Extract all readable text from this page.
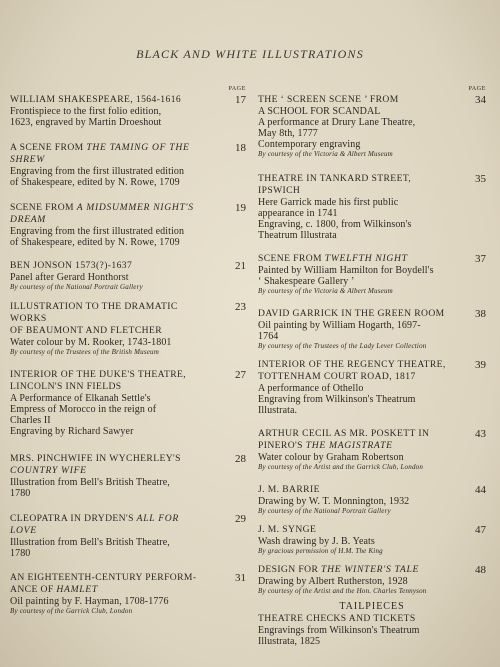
BLACK AND WHITE ILLUSTRATIONS
PAGE
17
WILLIAM SHAKESPEARE, 1564-1616
Frontispiece to the first folio edition,
1623, engraved by Martin Droeshout
18
A SCENE FROM THE TAMING OF THE
SHREW
Engraving from the first illustrated edition
of Shakespeare, edited by N. Rowe, 1709
19
SCENE FROM A MIDSUMMER NIGHT'S
DREAM
Engraving from the first illustrated edition
of Shakespeare, edited by N. Rowe, 1709
21
BEN JONSON 1573(?)-1637
Panel after Gerard Honthorst
By courtesy of the National Portrait Gallery
23
ILLUSTRATION TO THE DRAMATIC WORKS
OF BEAUMONT AND FLETCHER
Water colour by M. Rooker, 1743-1801
By courtesy of the Trustees of the British Museum
27
INTERIOR OF THE DUKE'S THEATRE,
LINCOLN'S INN FIELDS
A Performance of Elkanah Settle's
Empress of Morocco in the reign of
Charles II
Engraving by Richard Sawyer
28
MRS. PINCHWIFE IN WYCHERLEY'S
COUNTRY WIFE
Illustration from Bell's British Theatre,
1780
29
CLEOPATRA IN DRYDEN'S ALL FOR
LOVE
Illustration from Bell's British Theatre,
1780
31
AN EIGHTEENTH-CENTURY PERFORM-
ANCE OF HAMLET
Oil painting by F. Hayman, 1708-1776
By courtesy of the Garrick Club, London
PAGE
34
THE ‘ SCREEN SCENE ’ FROM
A SCHOOL FOR SCANDAL
A performance at Drury Lane Theatre,
May 8th, 1777
Contemporary engraving
By courtesy of the Victoria & Albert Museum
35
THEATRE IN TANKARD STREET, IPSWICH
Here Garrick made his first public
appearance in 1741
Engraving, c. 1800, from Wilkinson's
Theatrum Illustrata
37
SCENE FROM TWELFTH NIGHT
Painted by William Hamilton for Boydell's
‘ Shakespeare Gallery ’
By courtesy of the Victoria & Albert Museum
38
DAVID GARRICK IN THE GREEN ROOM
Oil painting by William Hogarth, 1697-
1764
By courtesy of the Trustees of the Lady Lever Collection
39
INTERIOR OF THE REGENCY THEATRE,
TOTTENHAM COURT ROAD, 1817
A performance of Othello
Engraving from Wilkinson's Theatrum
Illustrata.
43
ARTHUR CECIL AS MR. POSKETT IN
PINERO'S THE MAGISTRATE
Water colour by Graham Robertson
By courtesy of the Artist and the Garrick Club, London
44
J. M. BARRIE
Drawing by W. T. Monnington, 1932
By courtesy of the National Portrait Gallery
47
J. M. SYNGE
Wash drawing by J. B. Yeats
By gracious permission of H.M. The King
48
DESIGN FOR THE WINTER'S TALE
Drawing by Albert Rutherston, 1928
By courtesy of the Artist and the Hon. Charles Tennyson
TAILPIECES
THEATRE CHECKS AND TICKETS
Engravings from Wilkinson's Theatrum
Illustrata, 1825
